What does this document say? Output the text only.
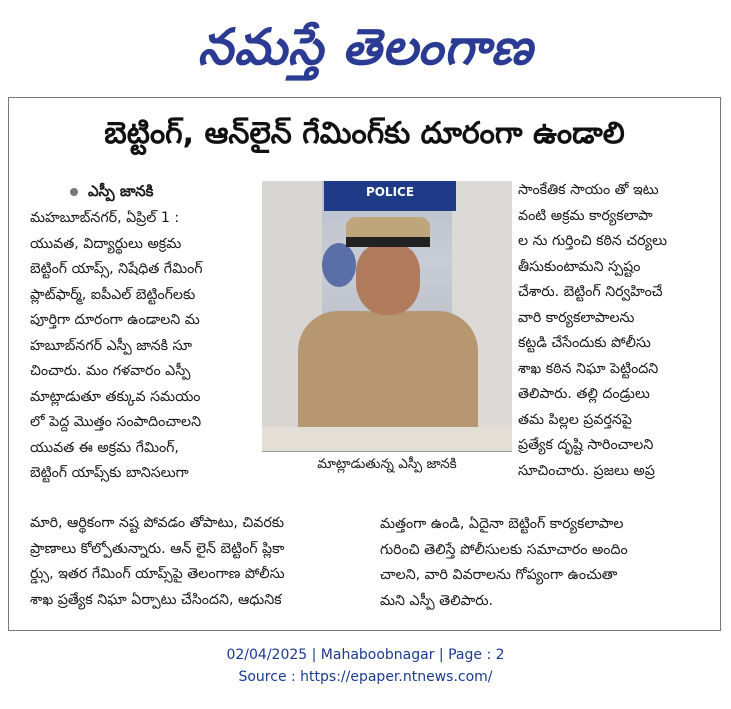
నమస్తే తెలంగాణ
బెట్టింగ్, ఆన్‌లైన్ గేమింగ్‌కు దూరంగా ఉండాలి
ఎస్పీ జానకి
మహబూబ్‌నగర్, ఏప్రిల్ 1 :
యువత, విద్యార్థులు అక్రమ
బెట్టింగ్ యాప్స్, నిషేధిత గేమింగ్
ప్లాట్‌ఫార్మ్, ఐపీఎల్ బెట్టింగ్‌లకు
పూర్తిగా దూరంగా ఉండాలని మ
హబూబ్‌నగర్ ఎస్పీ జానకి సూ
చించారు. మం గళవారం ఎస్పీ
మాట్లాడుతూ తక్కువ సమయం
లో పెద్ద మొత్తం సంపాదించాలని
యువత ఈ అక్రమ గేమింగ్,
బెట్టింగ్ యాప్స్‌కు బానిసలుగా
మారి, ఆర్థికంగా నష్ట పోవడం తోపాటు, చివరకు
ప్రాణాలు కోల్పోతున్నారు. ఆన్ లైన్ బెట్టింగ్ ప్లికా
ర్డ్సు, ఇతర గేమింగ్ యాప్స్‌పై తెలంగాణ పోలీసు
శాఖ ప్రత్యేక నిఘా ఏర్పాటు చేసిందని, ఆధునిక
POLICE
మాట్లాడుతున్న ఎస్పీ జానకి
సాంకేతిక సాయం తో ఇటు
వంటి అక్రమ కార్యకలాపా
ల ను గుర్తించి కఠిన చర్యలు
తీసుకుంటామని స్పష్టం
చేశారు. బెట్టింగ్ నిర్వహించే
వారి కార్యకలాపాలను
కట్టడి చేసేందుకు పోలీసు
శాఖ కఠిన నిఘా పెట్టిందని
తెలిపారు. తల్లి దండ్రులు
తమ పిల్లల ప్రవర్తనపై
ప్రత్యేక దృష్టి సారించాలని
సూచించారు. ప్రజలు అప్ర
మత్తంగా ఉండి, ఏదైనా బెట్టింగ్ కార్యకలాపాల
గురించి తెలిస్తే పోలీసులకు సమాచారం అందిం
చాలని, వారి వివరాలను గోప్యంగా ఉంచుతా
మని ఎస్పీ తెలిపారు.
02/04/2025 | Mahaboobnagar | Page : 2
Source : https://epaper.ntnews.com/
